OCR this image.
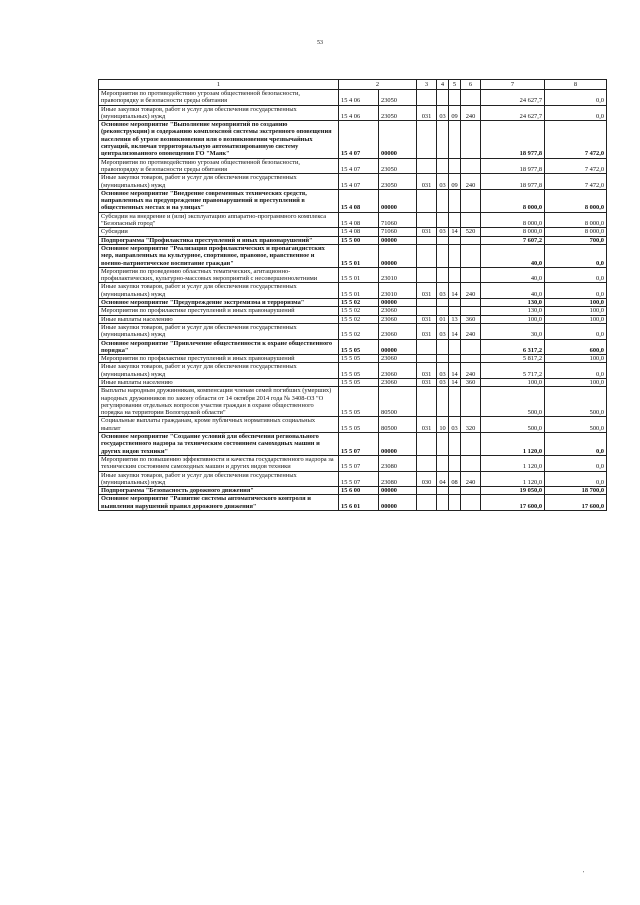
53
1	2		3	4	5	6	7	8
Мероприятия по противодействию угрозам общественной безопасности, правопорядку и безопасности среды обитания	15 4 06	23050					24 627,7	0,0
Иные закупки товаров, работ и услуг для обеспечения государственных (муниципальных) нужд	15 4 06	23050	031	03	09	240	24 627,7	0,0
Основное мероприятие "Выполнение мероприятий по созданию (реконструкции) и содержанию комплексной системы экстренного оповещения населения об угрозе возникновения или о возникновении чрезвычайных ситуаций, включая территориальную автоматизированную систему централизованного оповещения ГО "Маяк"	15 4 07	00000					18 977,8	7 472,0
Мероприятия по противодействию угрозам общественной безопасности, правопорядку и безопасности среды обитания	15 4 07	23050					18 977,8	7 472,0
Иные закупки товаров, работ и услуг для обеспечения государственных (муниципальных) нужд	15 4 07	23050	031	03	09	240	18 977,8	7 472,0
Основное мероприятие "Внедрение современных технических средств, направленных на предупреждение правонарушений и преступлений в общественных местах и на улицах"	15 4 08	00000					8 000,0	8 000,0
Субсидии на внедрение и (или) эксплуатацию аппаратно-программного комплекса "Безопасный город"	15 4 08	71060					8 000,0	8 000,0
Субсидии	15 4 08	71060	031	03	14	520	8 000,0	8 000,0
Подпрограмма "Профилактика преступлений и иных правонарушений"	15 5 00	00000					7 607,2	700,0
Основное мероприятие "Реализация профилактических и пропагандистских мер, направленных на культурное, спортивное, правовое, нравственное и военно-патриотическое воспитание граждан"	15 5 01	00000					40,0	0,0
Мероприятия по проведению областных тематических, агитационно-профилактических, культурно-массовых мероприятий с несовершеннолетними	15 5 01	23010					40,0	0,0
Иные закупки товаров, работ и услуг для обеспечения государственных (муниципальных) нужд	15 5 01	23010	031	03	14	240	40,0	0,0
Основное мероприятие "Предупреждение экстремизма и терроризма"	15 5 02	00000					130,0	100,0
Мероприятия по профилактике преступлений и иных правонарушений	15 5 02	23060					130,0	100,0
Иные выплаты населению	15 5 02	23060	031	01	13	360	100,0	100,0
Иные закупки товаров, работ и услуг для обеспечения государственных (муниципальных) нужд	15 5 02	23060	031	03	14	240	30,0	0,0
Основное мероприятие "Привлечение общественности к охране общественного порядка"	15 5 05	00000					6 317,2	600,0
Мероприятия по профилактике преступлений и иных правонарушений	15 5 05	23060					5 817,2	100,0
Иные закупки товаров, работ и услуг для обеспечения государственных (муниципальных) нужд	15 5 05	23060	031	03	14	240	5 717,2	0,0
Иные выплаты населению	15 5 05	23060	031	03	14	360	100,0	100,0
Выплаты народным дружинникам, компенсации членам семей погибших (умерших) народных дружинников по закону области от 14 октября 2014 года № 3408-ОЗ "О регулировании отдельных вопросов участия граждан в охране общественного порядка на территории Вологодской области"	15 5 05	80500					500,0	500,0
Социальные выплаты гражданам, кроме публичных нормативных социальных выплат	15 5 05	80500	031	10	03	320	500,0	500,0
Основное мероприятие "Создание условий для обеспечения регионального государственного надзора за техническим состоянием самоходных машин и других видов техники"	15 5 07	00000					1 120,0	0,0
Мероприятия по повышению эффективности и качества государственного надзора за техническим состоянием самоходных машин и других видов техники	15 5 07	23080					1 120,0	0,0
Иные закупки товаров, работ и услуг для обеспечения государственных (муниципальных) нужд	15 5 07	23080	030	04	08	240	1 120,0	0,0
Подпрограмма "Безопасность дорожного движения"	15 6 00	00000					19 050,0	18 700,0
Основное мероприятие "Развитие системы автоматического контроля и выявления нарушений правил дорожного движения"	15 6 01	00000					17 600,0	17 600,0
'
